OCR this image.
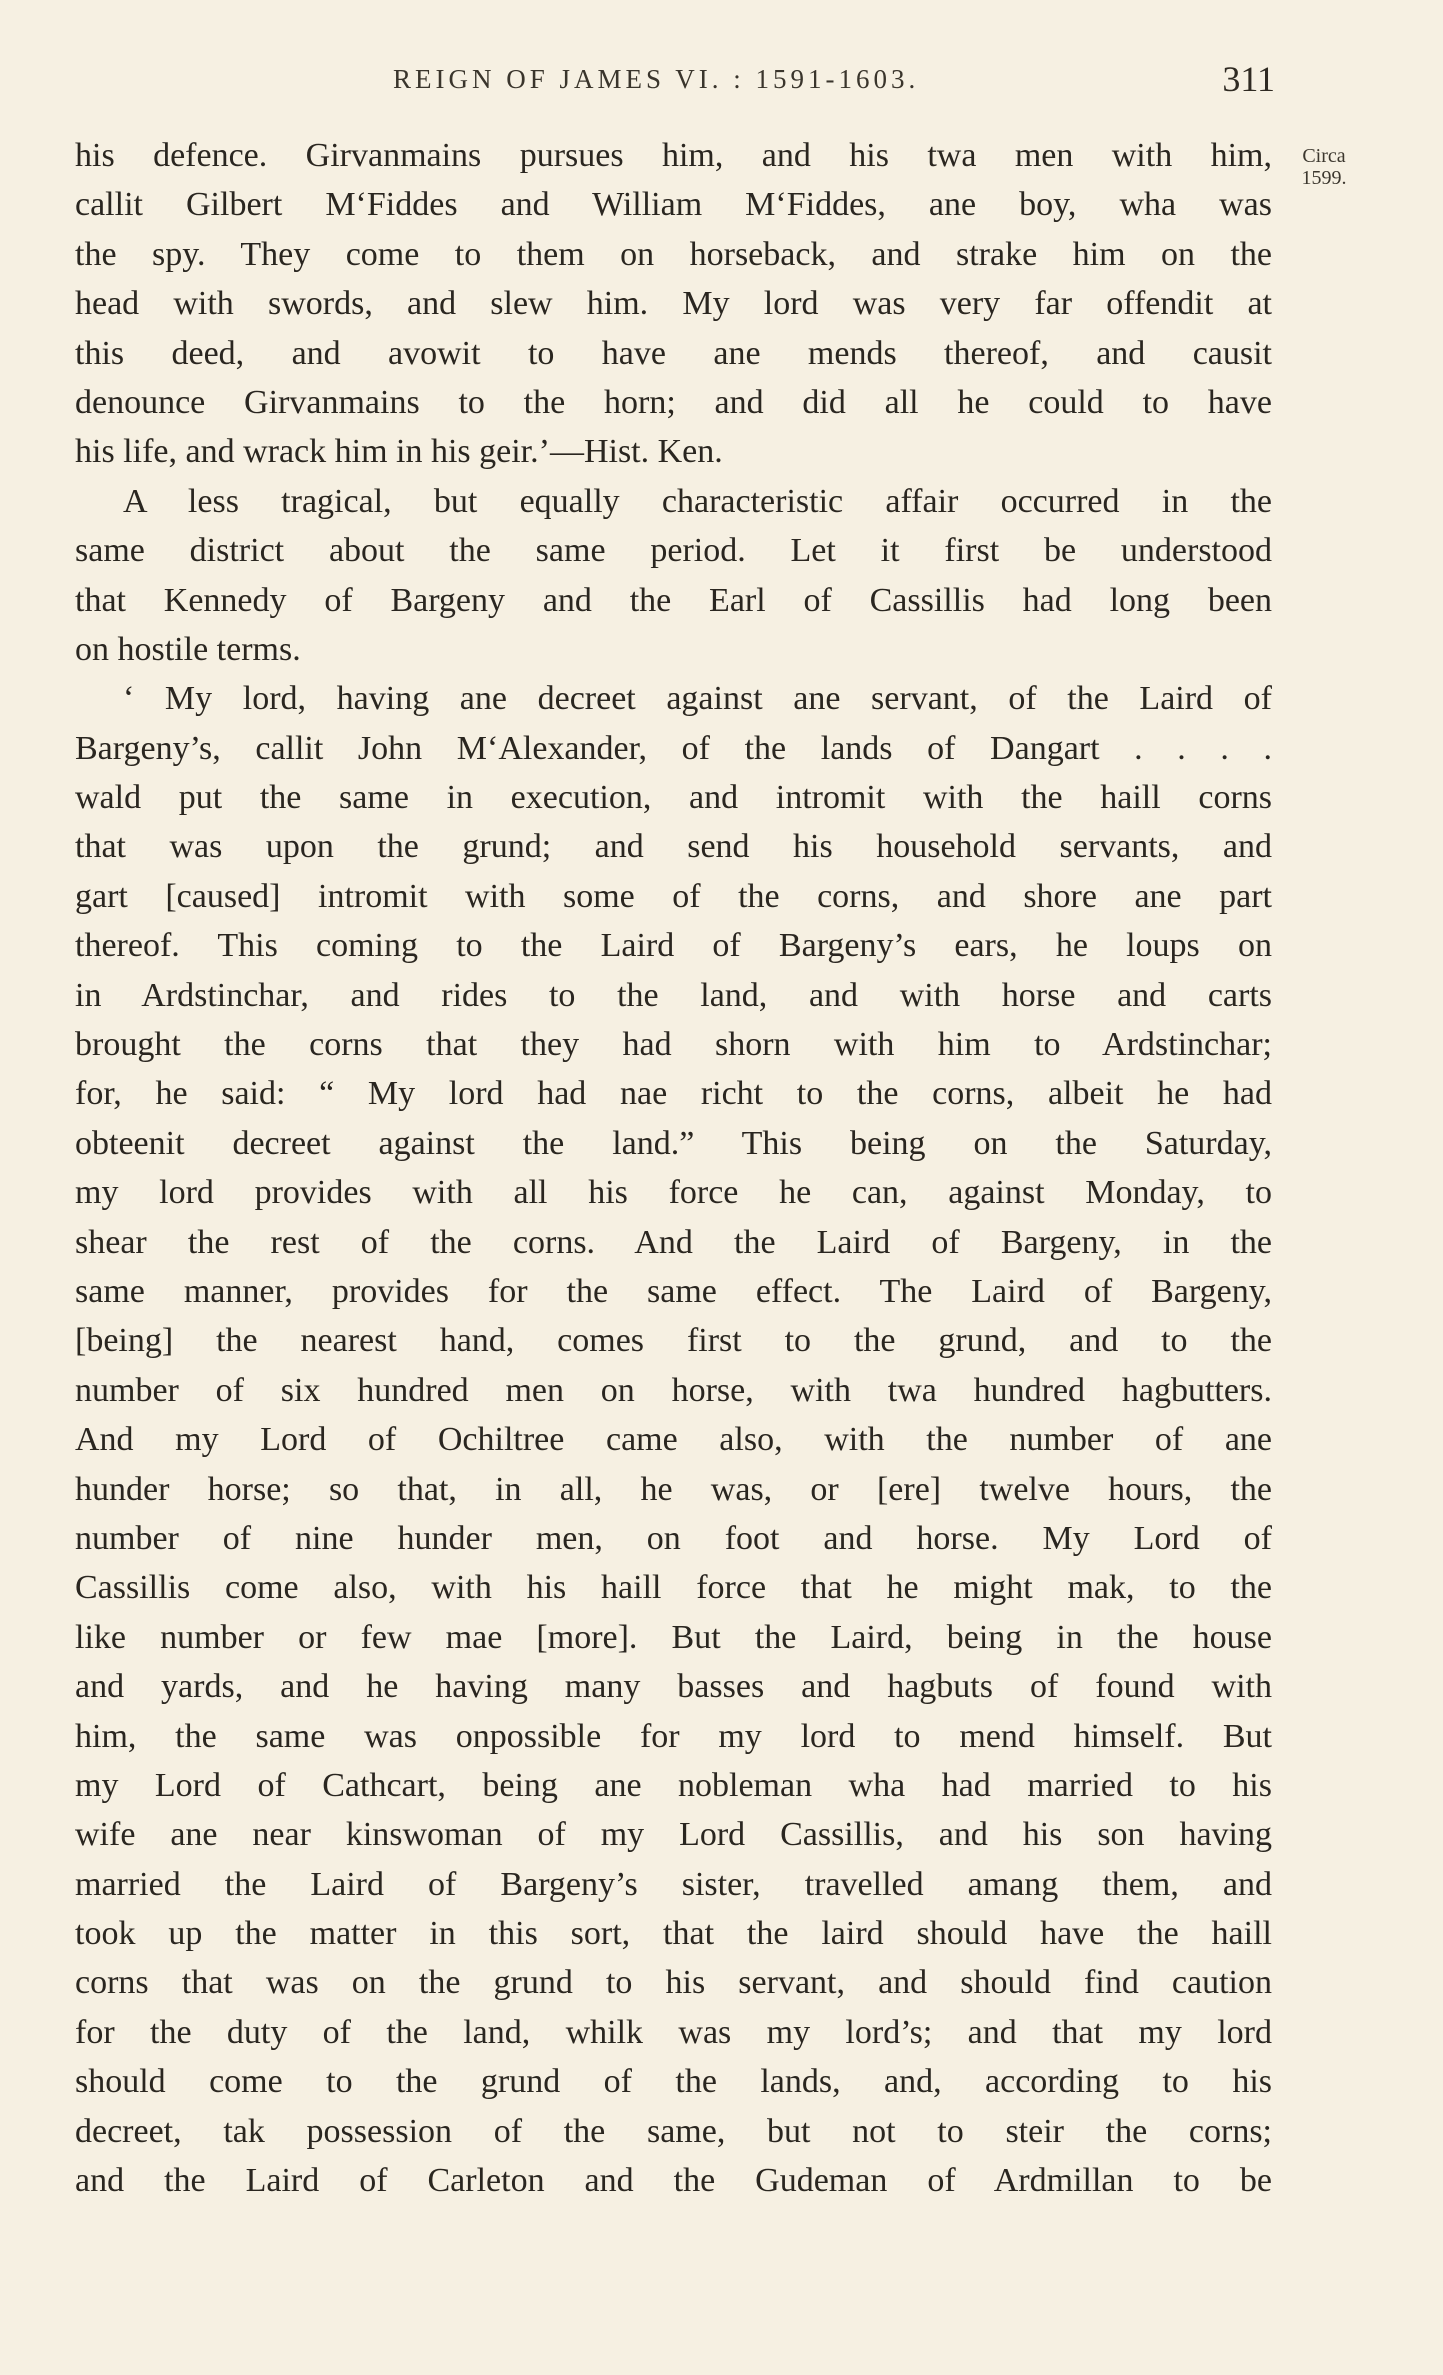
REIGN OF JAMES VI. : 1591-1603.	311
Circa
1599.
his defence. Girvanmains pursues him, and his twa men with him,
callit Gilbert M‘Fiddes and William M‘Fiddes, ane boy, wha was
the spy. They come to them on horseback, and strake him on the
head with swords, and slew him. My lord was very far offendit at
this deed, and avowit to have ane mends thereof, and causit
denounce Girvanmains to the horn; and did all he could to have
his life, and wrack him in his geir.’—Hist. Ken.
A less tragical, but equally characteristic affair occurred in the
same district about the same period. Let it first be understood
that Kennedy of Bargeny and the Earl of Cassillis had long been
on hostile terms.
‘ My lord, having ane decreet against ane servant, of the Laird of
Bargeny’s, callit John M‘Alexander, of the lands of Dangart . . . .
wald put the same in execution, and intromit with the haill corns
that was upon the grund; and send his household servants, and
gart [caused] intromit with some of the corns, and shore ane part
thereof. This coming to the Laird of Bargeny’s ears, he loups on
in Ardstinchar, and rides to the land, and with horse and carts
brought the corns that they had shorn with him to Ardstinchar;
for, he said: “ My lord had nae richt to the corns, albeit he had
obteenit decreet against the land.” This being on the Saturday,
my lord provides with all his force he can, against Monday, to
shear the rest of the corns. And the Laird of Bargeny, in the
same manner, provides for the same effect. The Laird of Bargeny,
[being] the nearest hand, comes first to the grund, and to the
number of six hundred men on horse, with twa hundred hagbutters.
And my Lord of Ochiltree came also, with the number of ane
hunder horse; so that, in all, he was, or [ere] twelve hours, the
number of nine hunder men, on foot and horse. My Lord of
Cassillis come also, with his haill force that he might mak, to the
like number or few mae [more]. But the Laird, being in the house
and yards, and he having many basses and hagbuts of found with
him, the same was onpossible for my lord to mend himself. But
my Lord of Cathcart, being ane nobleman wha had married to his
wife ane near kinswoman of my Lord Cassillis, and his son having
married the Laird of Bargeny’s sister, travelled amang them, and
took up the matter in this sort, that the laird should have the haill
corns that was on the grund to his servant, and should find caution
for the duty of the land, whilk was my lord’s; and that my lord
should come to the grund of the lands, and, according to his
decreet, tak possession of the same, but not to steir the corns;
and the Laird of Carleton and the Gudeman of Ardmillan to be
